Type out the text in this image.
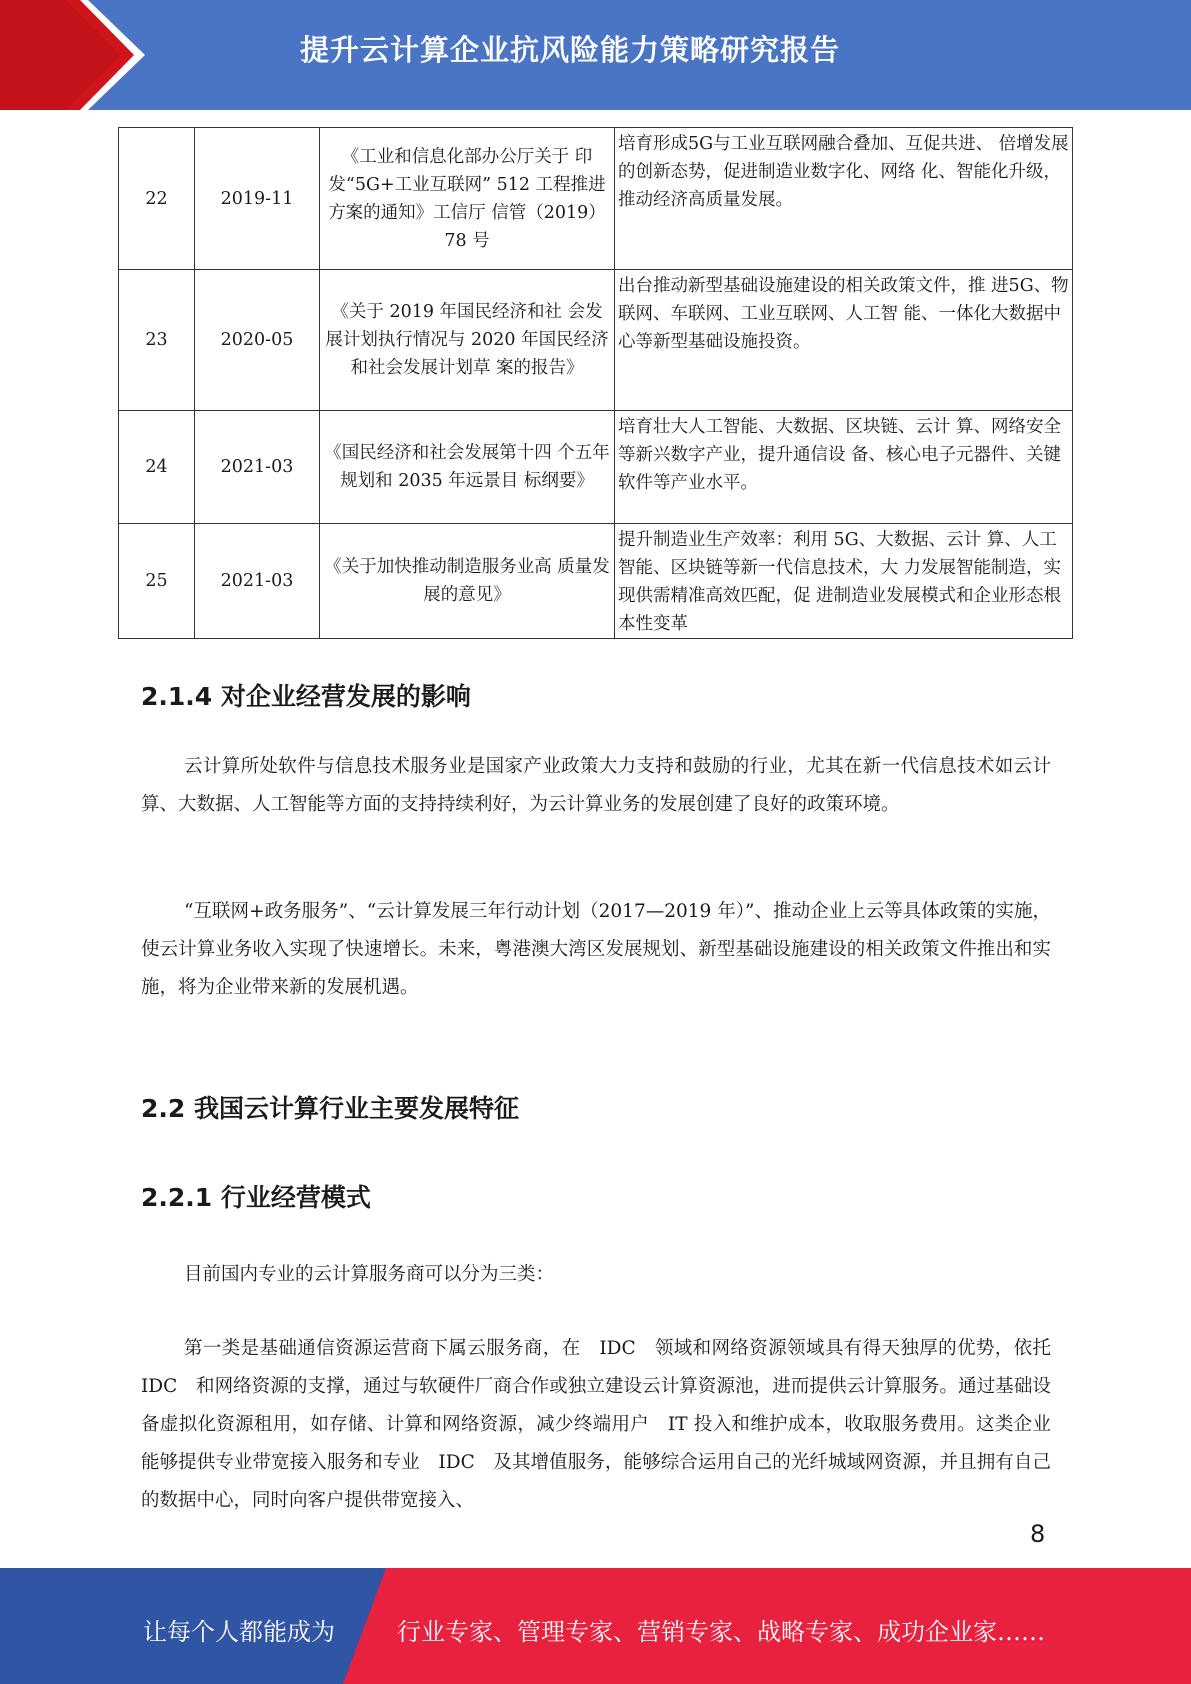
提升云计算企业抗风险能力策略研究报告
22	2019-11	《工业和信息化部办公厅关于 印发“5G+工业互联网” 512 工程推进方案的通知》工信厅 信管（2019） 78 号	培育形成5G与工业互联网融合叠加、互促共进、 倍增发展的创新态势，促进制造业数字化、网络 化、智能化升级，推动经济高质量发展。
23	2020-05	《关于 2019 年国民经济和社 会发展计划执行情况与 2020 年国民经济和社会发展计划草 案的报告》	出台推动新型基础设施建设的相关政策文件，推 进5G、物联网、车联网、工业互联网、人工智 能、一体化大数据中心等新型基础设施投资。
24	2021-03	《国民经济和社会发展第十四 个五年规划和 2035 年远景目 标纲要》	培育壮大人工智能、大数据、区块链、云计 算、网络安全等新兴数字产业，提升通信设 备、核心电子元器件、关键软件等产业水平。
25	2021-03	《关于加快推动制造服务业高 质量发展的意见》	提升制造业生产效率：利用 5G、大数据、云计 算、人工智能、区块链等新一代信息技术，大 力发展智能制造，实现供需精准高效匹配，促 进制造业发展模式和企业形态根本性变革
2.1.4 对企业经营发展的影响
云计算所处软件与信息技术服务业是国家产业政策大力支持和鼓励的行业，尤其在新一代信息技术如云计算、大数据、人工智能等方面的支持持续利好，为云计算业务的发展创建了良好的政策环境。
“互联网+政务服务”、“云计算发展三年行动计划（2017—2019 年）”、推动企业上云等具体政策的实施，使云计算业务收入实现了快速增长。未来，粤港澳大湾区发展规划、新型基础设施建设的相关政策文件推出和实施，将为企业带来新的发展机遇。
2.2 我国云计算行业主要发展特征
2.2.1 行业经营模式
目前国内专业的云计算服务商可以分为三类：
第一类是基础通信资源运营商下属云服务商，在　IDC　领域和网络资源领域具有得天独厚的优势，依托　IDC　和网络资源的支撑，通过与软硬件厂商合作或独立建设云计算资源池，进而提供云计算服务。通过基础设备虚拟化资源租用，如存储、计算和网络资源，减少终端用户　IT 投入和维护成本，收取服务费用。这类企业能够提供专业带宽接入服务和专业　IDC　及其增值服务，能够综合运用自己的光纤城域网资源，并且拥有自己的数据中心，同时向客户提供带宽接入、
8
让每个人都能成为	行业专家、管理专家、营销专家、战略专家、成功企业家……
